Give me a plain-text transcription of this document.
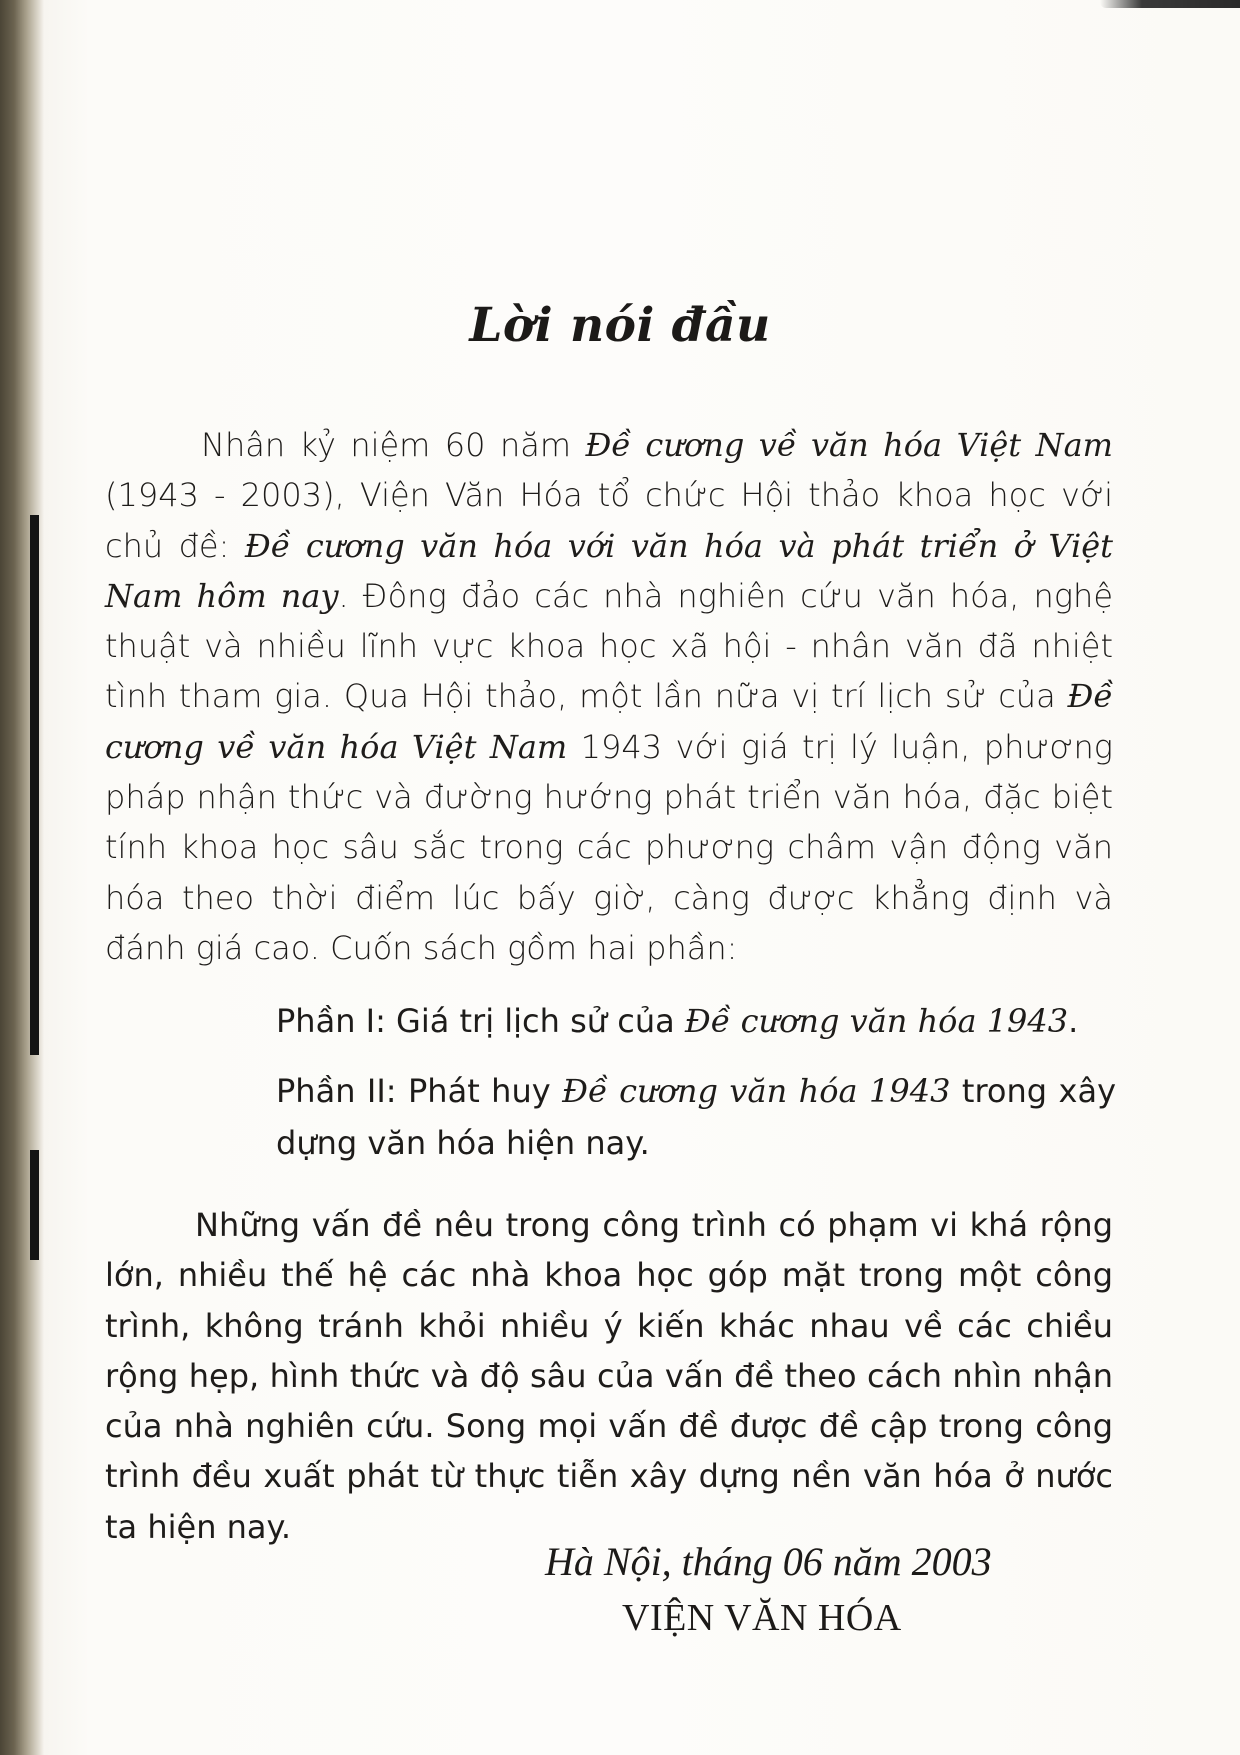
Lời nói đầu

Nhân kỷ niệm 60 năm Đề cương về văn hóa Việt Nam (1943 - 2003), Viện Văn Hóa tổ chức Hội thảo khoa học với chủ đề: Đề cương văn hóa với văn hóa và phát triển ở Việt Nam hôm nay. Đông đảo các nhà nghiên cứu văn hóa, nghệ thuật và nhiều lĩnh vực khoa học xã hội - nhân văn đã nhiệt tình tham gia. Qua Hội thảo, một lần nữa vị trí lịch sử của Đề cương về văn hóa Việt Nam 1943 với giá trị lý luận, phương pháp nhận thức và đường hướng phát triển văn hóa, đặc biệt tính khoa học sâu sắc trong các phương châm vận động văn hóa theo thời điểm lúc bấy giờ, càng được khẳng định và đánh giá cao. Cuốn sách gồm hai phần:

Phần I: Giá trị lịch sử của Đề cương văn hóa 1943.

Phần II: Phát huy Đề cương văn hóa 1943 trong xây dựng văn hóa hiện nay.

Những vấn đề nêu trong công trình có phạm vi khá rộng lớn, nhiều thế hệ các nhà khoa học góp mặt trong một công trình, không tránh khỏi nhiều ý kiến khác nhau về các chiều rộng hẹp, hình thức và độ sâu của vấn đề theo cách nhìn nhận của nhà nghiên cứu. Song mọi vấn đề được đề cập trong công trình đều xuất phát từ thực tiễn xây dựng nền văn hóa ở nước ta hiện nay.

Hà Nội, tháng 06 năm 2003
VIỆN VĂN HÓA
